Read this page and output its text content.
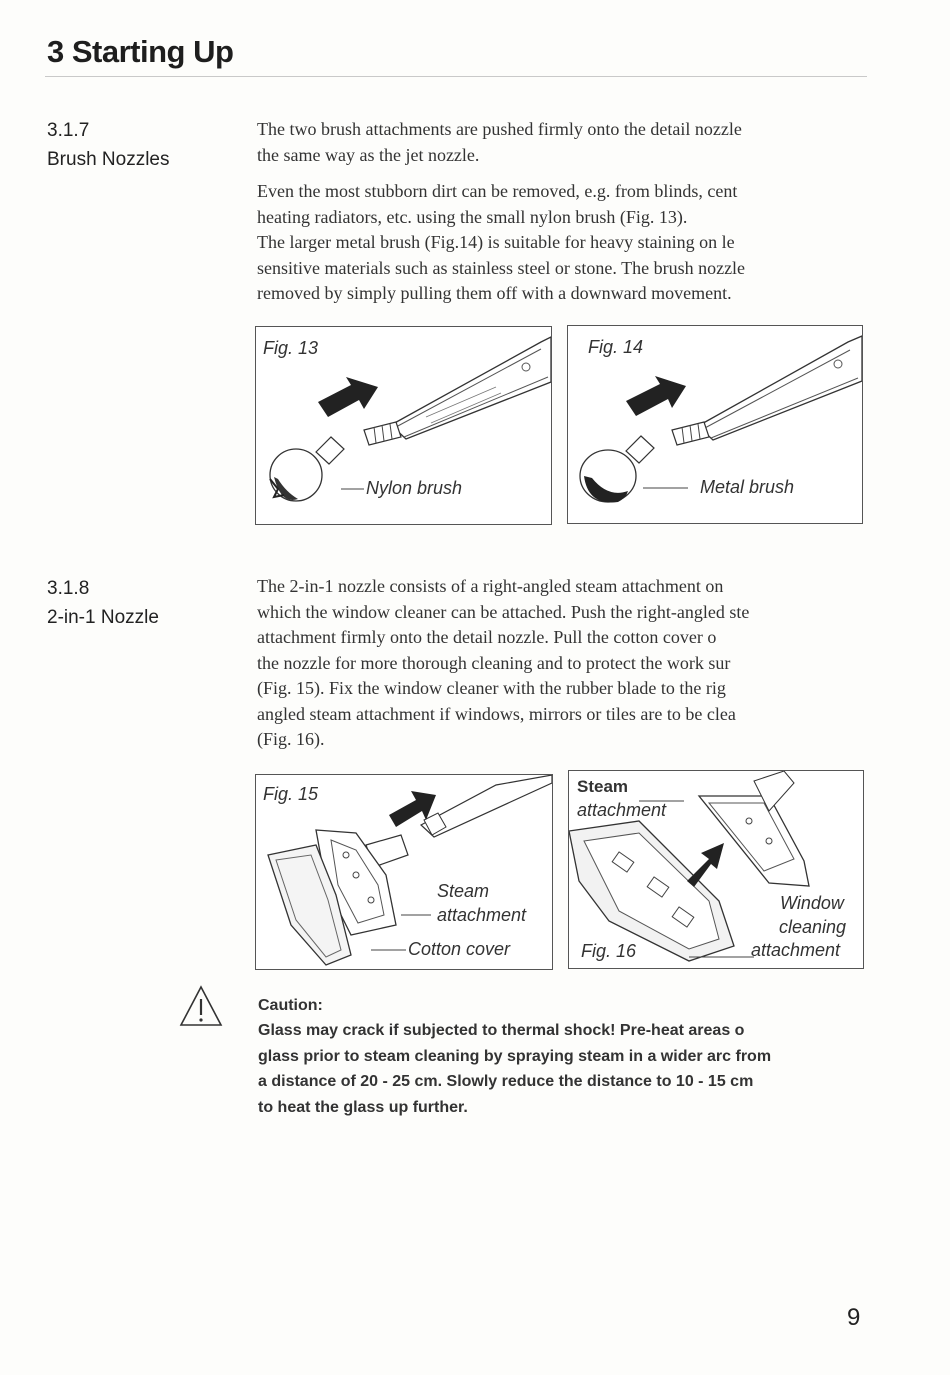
3 Starting Up
3.1.7
Brush Nozzles
The two brush attachments are pushed firmly onto the detail nozzle
the same way as the jet nozzle.
Even the most stubborn dirt can be removed, e.g. from blinds, cent
heating radiators, etc. using the small nylon brush (Fig. 13).
The larger metal brush (Fig.14) is suitable for heavy staining on le
sensitive materials such as stainless steel or stone. The brush nozzle
removed by simply pulling them off with a downward movement.
Fig. 13
Nylon brush
Fig. 14
Metal brush
3.1.8
2-in-1 Nozzle
The 2-in-1 nozzle consists of a right-angled steam attachment on
which the window cleaner can be attached. Push the right-angled ste
attachment firmly onto the detail nozzle. Pull the cotton cover o
the nozzle for more thorough cleaning and to protect the work sur
(Fig. 15). Fix the window cleaner with the rubber blade to the rig
angled steam attachment if windows, mirrors or tiles are to be clea
(Fig. 16).
Fig. 15
Steam
attachment
Cotton cover
Steam
attachment
Fig. 16
Window
cleaning
attachment
Caution:
Glass may crack if subjected to thermal shock! Pre-heat areas o
glass prior to steam cleaning by spraying steam in a wider arc from
a distance of 20 - 25 cm. Slowly reduce the distance to 10 - 15 cm
to heat the glass up further.
9
